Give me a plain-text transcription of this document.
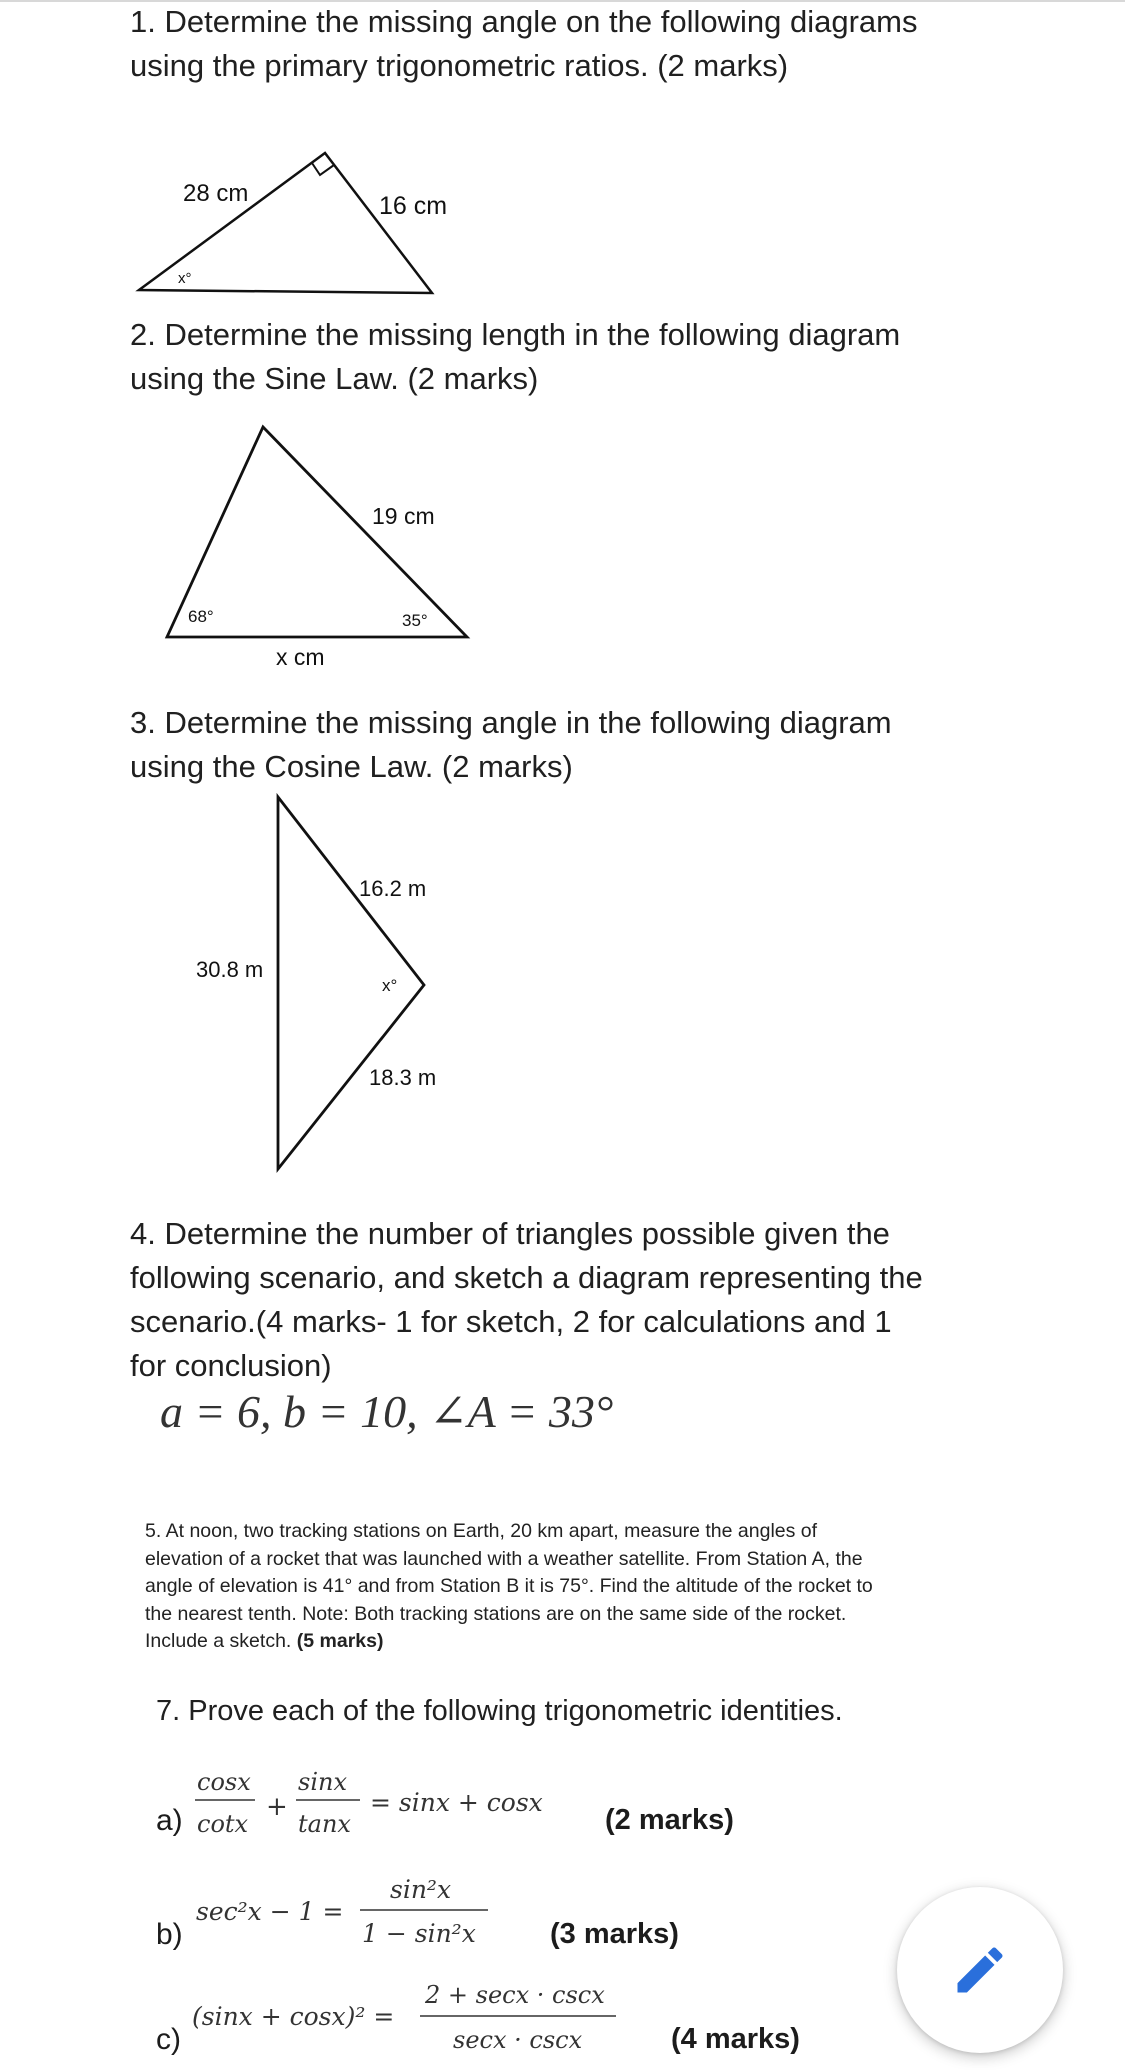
1. Determine the missing angle on the following diagrams
using the primary trigonometric ratios. (2 marks)
28 cm	16 cm
x°
19 cm
68°	35°
x cm
16.2 m
30.8 m
x°
18.3 m
cosx
cotx
+
sinx
tanx
= sinx + cosx
sec²x − 1 =
sin²x
1 − sin²x
(sinx + cosx)² =
2 + secx · cscx
secx · cscx
2. Determine the missing length in the following diagram
using the Sine Law. (2 marks)
3. Determine the missing angle in the following diagram
using the Cosine Law. (2 marks)
4. Determine the number of triangles possible given the
following scenario, and sketch a diagram representing the
scenario.(4 marks- 1 for sketch, 2 for calculations and 1
for conclusion)
a = 6, b = 10, ∠A = 33°
5. At noon, two tracking stations on Earth, 20 km apart, measure the angles of
elevation of a rocket that was launched with a weather satellite. From Station A, the
angle of elevation is 41° and from Station B it is 75°. Find the altitude of the rocket to
the nearest tenth. Note: Both tracking stations are on the same side of the rocket.
Include a sketch. (5 marks)
7. Prove each of the following trigonometric identities.
a)	(2 marks)
b)	(3 marks)
c)	(4 marks)
